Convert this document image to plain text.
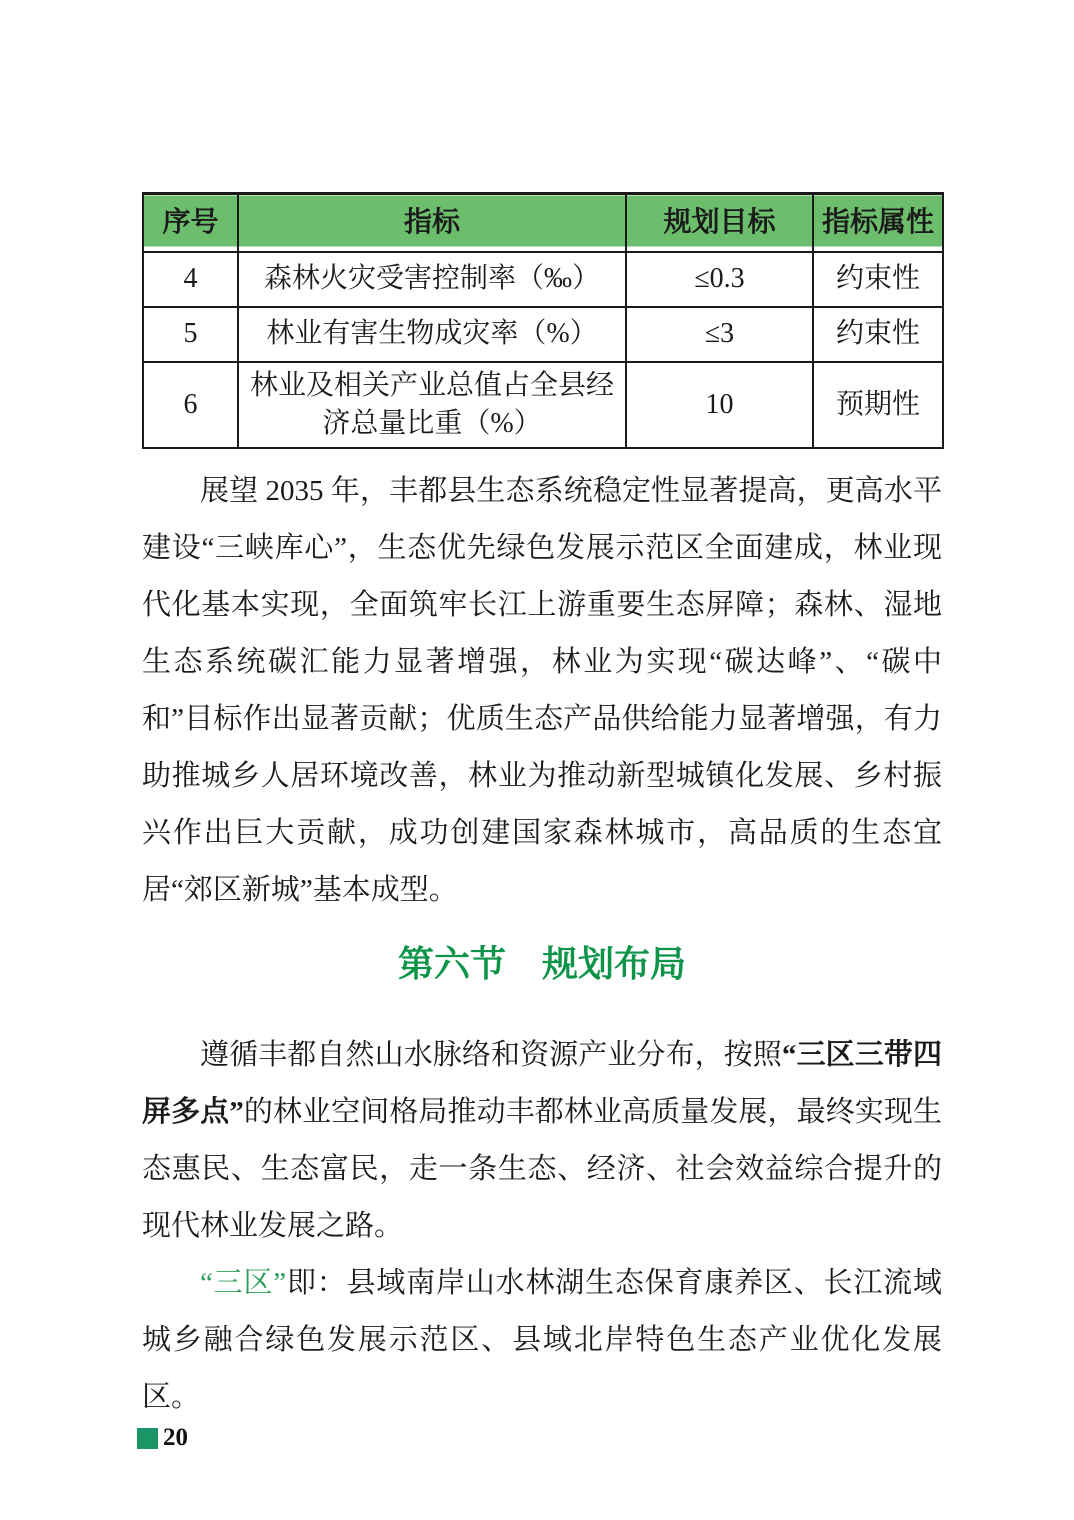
序号	指标	规划目标	指标属性
4	森林火灾受害控制率（‰）	≤0.3	约束性
5	林业有害生物成灾率（%）	≤3	约束性
6	林业及相关产业总值占全县经济总量比重（%）	10	预期性

展望 2035 年，丰都县生态系统稳定性显著提高，更高水平建设“三峡库心”，生态优先绿色发展示范区全面建成，林业现代化基本实现，全面筑牢长江上游重要生态屏障；森林、湿地生态系统碳汇能力显著增强，林业为实现“碳达峰”、“碳中和”目标作出显著贡献；优质生态产品供给能力显著增强，有力助推城乡人居环境改善，林业为推动新型城镇化发展、乡村振兴作出巨大贡献，成功创建国家森林城市，高品质的生态宜居“郊区新城”基本成型。

第六节　规划布局

遵循丰都自然山水脉络和资源产业分布，按照“三区三带四屏多点”的林业空间格局推动丰都林业高质量发展，最终实现生态惠民、生态富民，走一条生态、经济、社会效益综合提升的现代林业发展之路。

“三区”即：县域南岸山水林湖生态保育康养区、长江流域城乡融合绿色发展示范区、县域北岸特色生态产业优化发展区。

20
